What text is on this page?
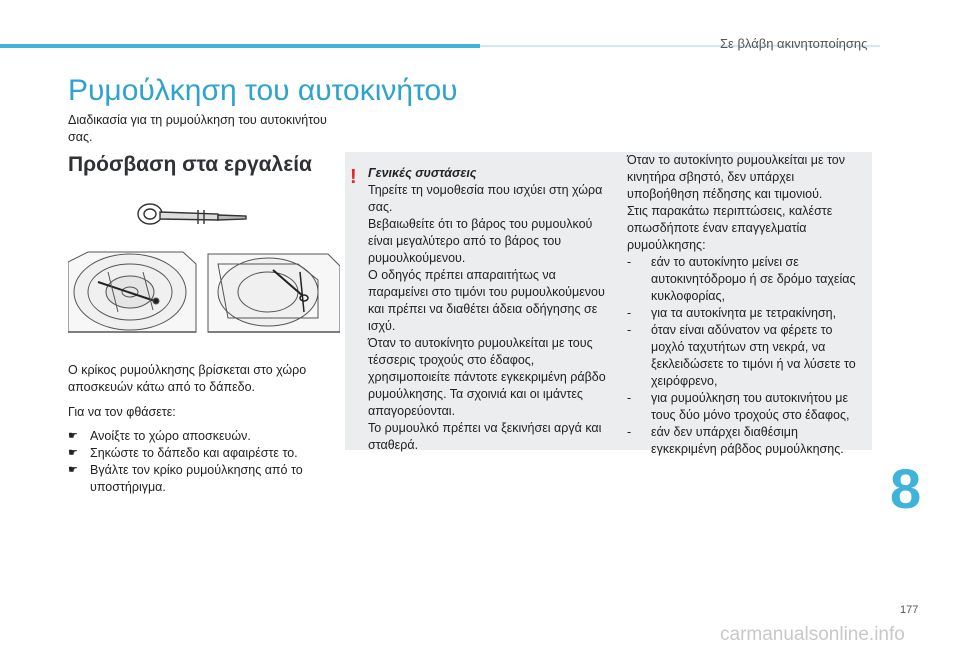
Σε βλάβη ακινητοποίησης
Ρυμούλκηση του αυτοκινήτου
Διαδικασία για τη ρυμούλκηση του αυτοκινήτου σας.
Πρόσβαση στα εργαλεία
Ο κρίκος ρυμούλκησης βρίσκεται στο χώρο αποσκευών κάτω από το δάπεδο.
Για να τον φθάσετε:
☛ Ανοίξτε το χώρο αποσκευών.
☛ Σηκώστε το δάπεδο και αφαιρέστε το.
☛ Βγάλτε τον κρίκο ρυμούλκησης από το υποστήριγμα.
! Γενικές συστάσεις

Τηρείτε τη νομοθεσία που ισχύει στη χώρα σας.

Βεβαιωθείτε ότι το βάρος του ρυμουλκού είναι μεγαλύτερο από το βάρος του ρυμουλκούμενου.

Ο οδηγός πρέπει απαραιτήτως να παραμείνει στο τιμόνι του ρυμουλκούμενου και πρέπει να διαθέτει άδεια οδήγησης σε ισχύ.

Όταν το αυτοκίνητο ρυμουλκείται με τους τέσσερις τροχούς στο έδαφος, χρησιμοποιείτε πάντοτε εγκεκριμένη ράβδο ρυμούλκησης. Τα σχοινιά και οι ιμάντες απαγορεύονται.

Το ρυμουλκό πρέπει να ξεκινήσει αργά και σταθερά.

Όταν το αυτοκίνητο ρυμουλκείται με τον κινητήρα σβηστό, δεν υπάρχει υποβοήθηση πέδησης και τιμονιού.

Στις παρακάτω περιπτώσεις, καλέστε οπωσδήποτε έναν επαγγελματία ρυμούλκησης:

- εάν το αυτοκίνητο μείνει σε αυτοκινητόδρομο ή σε δρόμο ταχείας κυκλοφορίας,
- για τα αυτοκίνητα με τετρακίνηση,
- όταν είναι αδύνατον να φέρετε το μοχλό ταχυτήτων στη νεκρά, να ξεκλειδώσετε το τιμόνι ή να λύσετε το χειρόφρενο,
- για ρυμούλκηση του αυτοκινήτου με τους δύο μόνο τροχούς στο έδαφος,
- εάν δεν υπάρχει διαθέσιμη εγκεκριμένη ράβδος ρυμούλκησης.
8
177
carmanualsonline.info
